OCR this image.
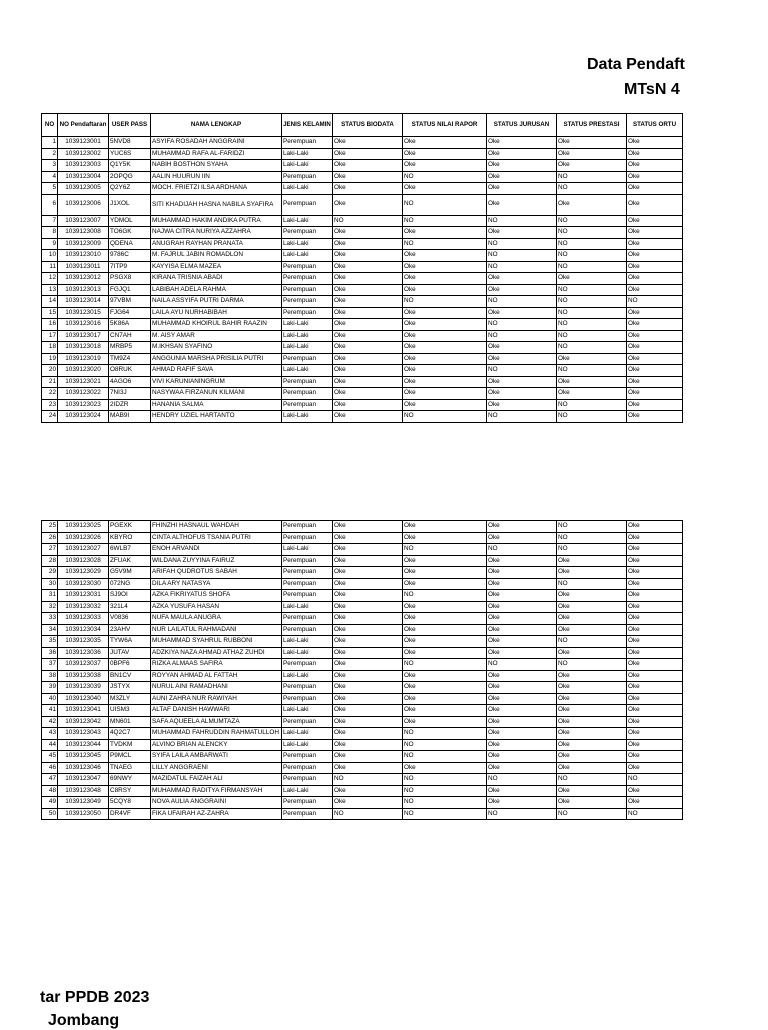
Data Pendaft
MTsN 4
NO	NO Pendaftaran	USER PASS	NAMA LENGKAP	JENIS KELAMIN	STATUS BIODATA	STATUS NILAI RAPOR	STATUS JURUSAN	STATUS PRESTASI	STATUS ORTU
1	1039123001	5NVD8	ASYIFA ROSADAH ANGGRAINI	Perempuan	Oke	Oke	Oke	Oke	Oke
2	1039123002	YUC6S	MUHAMMAD RAFA AL-FARIDZI	Laki-Laki	Oke	Oke	Oke	Oke	Oke
3	1039123003	Q1Y5K	NABIH BOSTHON SYAHA	Laki-Laki	Oke	Oke	Oke	Oke	Oke
4	1039123004	2OPQG	AALIN HUURUN IIN	Perempuan	Oke	NO	Oke	NO	Oke
5	1039123005	Q2Y6Z	MOCH. FRIETZI ILSA ARDHANA	Laki-Laki	Oke	Oke	Oke	NO	Oke
6	1039123006	J1XOL	SITI KHADIJAH HASNA NABILA SYAFIRA	Perempuan	Oke	NO	Oke	Oke	Oke
7	1039123007	YDMOL	MUHAMMAD HAKIM ANDIKA PUTRA	Laki-Laki	NO	NO	NO	NO	Oke
8	1039123008	TO6GK	NAJWA CITRA NURIYA AZZAHRA	Perempuan	Oke	Oke	Oke	NO	Oke
9	1039123009	QDENA	ANUGRAH RAYHAN PRANATA	Laki-Laki	Oke	NO	NO	NO	Oke
10	1039123010	9786C	M. FAJRUL JABIN ROMADLON	Laki-Laki	Oke	Oke	NO	NO	Oke
11	1039123011	7ITP9	KAYYISA ELMA MAZEA	Perempuan	Oke	Oke	NO	NO	Oke
12	1039123012	PSGX8	KIRANA TRISNIA ABADI	Perempuan	Oke	Oke	Oke	Oke	Oke
13	1039123013	FGJQ1	LABIBAH ADELA RAHMA	Perempuan	Oke	Oke	Oke	NO	Oke
14	1039123014	97VBM	NAILA ASSYIFA PUTRI DARMA	Perempuan	Oke	NO	NO	NO	NO
15	1039123015	FJG64	LAILA AYU NURHABIBAH	Perempuan	Oke	Oke	Oke	NO	Oke
16	1039123016	5K86A	MUHAMMAD KHOIRUL BAHIR RAAZIN	Laki-Laki	Oke	Oke	NO	NO	Oke
17	1039123017	CN7AH	M. AISY AMAR	Laki-Laki	Oke	Oke	NO	NO	Oke
18	1039123018	MRBP5	M.IKHSAN SYAFINO	Laki-Laki	Oke	Oke	Oke	NO	Oke
19	1039123019	TM9Z4	ANGGUNIA MARSHA PRISILIA PUTRI	Perempuan	Oke	Oke	Oke	Oke	Oke
20	1039123020	O8RUK	AHMAD RAFIF SAVA	Laki-Laki	Oke	Oke	NO	NO	Oke
21	1039123021	4AGO6	VIVI KARUNIANINGRUM	Perempuan	Oke	Oke	Oke	Oke	Oke
22	1039123022	7NI3J	NASYWAA FIRZANUN KILMANI	Perempuan	Oke	Oke	Oke	Oke	Oke
23	1039123023	2IDZR	HANANIA SALMA	Perempuan	Oke	Oke	Oke	NO	Oke
24	1039123024	MAB9I	HENDRY UZIEL HARTANTO	Laki-Laki	Oke	NO	NO	NO	Oke
25	1039123025	PGEXK	FHINZHI HASNAUL WAHDAH	Perempuan	Oke	Oke	Oke	NO	Oke
26	1039123026	KBYRO	CINTA ALTHOFUS TSANIA PUTRI	Perempuan	Oke	Oke	Oke	NO	Oke
27	1039123027	6WLB7	ENOH ARVANDI	Laki-Laki	Oke	NO	NO	NO	Oke
28	1039123028	ZFUAK	WILDANA ZUYYINA FAIRUZ	Perempuan	Oke	Oke	Oke	Oke	Oke
29	1039123029	G5V9M	ARIFAH QUDROTUS SABAH	Perempuan	Oke	Oke	Oke	Oke	Oke
30	1039123030	072NG	DILA ARY NATASYA	Perempuan	Oke	Oke	Oke	NO	Oke
31	1039123031	SJ9OI	AZKA FIKRIYATUS SHOFA	Perempuan	Oke	NO	Oke	Oke	Oke
32	1039123032	321L4	AZKA YUSUFA HASAN	Laki-Laki	Oke	Oke	Oke	Oke	Oke
33	1039123033	V0836	NUFA MAULA ANUGRA	Perempuan	Oke	Oke	Oke	Oke	Oke
34	1039123034	23AHV	NUR LAILATUL RAHMADANI	Perempuan	Oke	Oke	Oke	Oke	Oke
35	1039123035	TYW6A	MUHAMMAD SYAHRUL RUBBONI	Laki-Laki	Oke	Oke	Oke	NO	Oke
36	1039123036	JUTAV	ADZKIYA NAZA AHMAD ATHAZ ZUHDI	Laki-Laki	Oke	Oke	Oke	Oke	Oke
37	1039123037	0BPF6	RIZKA ALMAAS SAFIRA	Perempuan	Oke	NO	NO	NO	Oke
38	1039123038	BN1CV	ROYYAN AHMAD AL FATTAH	Laki-Laki	Oke	Oke	Oke	Oke	Oke
39	1039123039	JSTYX	NURUL AINI RAMADHANI	Perempuan	Oke	Oke	Oke	Oke	Oke
40	1039123040	M3ZLY	AUNI ZAHRA NUR RAWIYAH	Perempuan	Oke	Oke	Oke	Oke	Oke
41	1039123041	UISM3	ALTAF DANISH HAWWARI	Laki-Laki	Oke	Oke	Oke	Oke	Oke
42	1039123042	MN601	SAFA AQUEELA ALMUMTAZA	Perempuan	Oke	Oke	Oke	Oke	Oke
43	1039123043	4Q2C7	MUHAMMAD FAHRUDDIN RAHMATULLOH	Laki-Laki	Oke	NO	Oke	Oke	Oke
44	1039123044	TVDKM	ALVINO BRIAN ALENCKY	Laki-Laki	Oke	NO	Oke	Oke	Oke
45	1039123045	P9MCL	SYIFA LAILA AMBARWATI	Perempuan	Oke	NO	Oke	Oke	Oke
46	1039123046	TNAEG	LILLY ANGGRAENI	Perempuan	Oke	Oke	Oke	Oke	Oke
47	1039123047	69NWY	MAZIDATUL FAIZAH ALI	Perempuan	NO	NO	NO	NO	NO
48	1039123048	C8RSY	MUHAMMAD RADITYA FIRMANSYAH	Laki-Laki	Oke	NO	Oke	Oke	Oke
49	1039123049	5CQY8	NOVA AULIA ANGGRAINI	Perempuan	Oke	NO	Oke	Oke	Oke
50	1039123050	DR4VF	FIKA UFAIRAH AZ-ZAHRA	Perempuan	NO	NO	NO	NO	NO
tar PPDB 2023
Jombang
